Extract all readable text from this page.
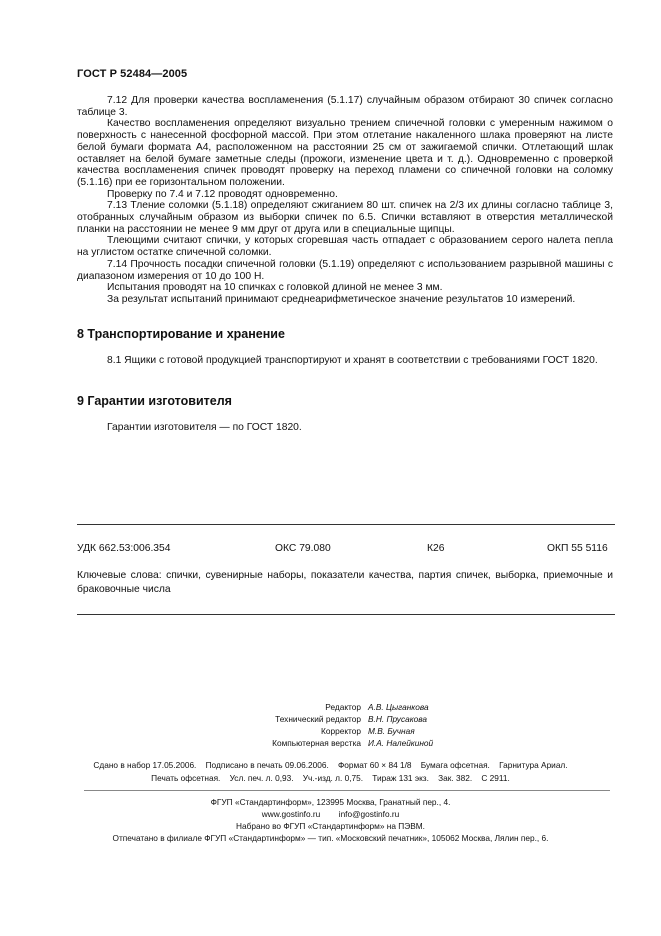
ГОСТ Р 52484—2005

7.12 Для проверки качества воспламенения (5.1.17) случайным образом отбирают 30 спичек согласно таблице 3.

Качество воспламенения определяют визуально трением спичечной головки с умеренным нажимом о поверхность с нанесенной фосфорной массой. При этом отлетание накаленного шлака проверяют на листе белой бумаги формата А4, расположенном на расстоянии 25 см от зажигаемой спички. Отлетающий шлак оставляет на белой бумаге заметные следы (прожоги, изменение цвета и т. д.). Одновременно с проверкой качества воспламенения спичек проводят проверку на переход пламени со спичечной головки на соломку (5.1.16) при ее горизонтальном положении.

Проверку по 7.4 и 7.12 проводят одновременно.

7.13 Тление соломки (5.1.18) определяют сжиганием 80 шт. спичек на 2/3 их длины согласно таблице 3, отобранных случайным образом из выборки спичек по 6.5. Спички вставляют в отверстия металлической планки на расстоянии не менее 9 мм друг от друга или в специальные щипцы.

Тлеющими считают спички, у которых сгоревшая часть отпадает с образованием серого налета пепла на углистом остатке спичечной соломки.

7.14 Прочность посадки спичечной головки (5.1.19) определяют с использованием разрывной машины с диапазоном измерения от 10 до 100 Н.

Испытания проводят на 10 спичках с головкой длиной не менее 3 мм.

За результат испытаний принимают среднеарифметическое значение результатов 10 измерений.

8 Транспортирование и хранение

8.1 Ящики с готовой продукцией транспортируют и хранят в соответствии с требованиями ГОСТ 1820.

9 Гарантии изготовителя

Гарантии изготовителя — по ГОСТ 1820.

УДК 662.53:006.354	ОКС 79.080	К26	ОКП 55 5116
Ключевые слова: спички, сувенирные наборы, показатели качества, партия спичек, выборка, приемочные и браковочные числа
Редактор А.В. Цыганкова
Технический редактор В.Н. Прусакова
Корректор М.В. Бучная
Компьютерная верстка И.А. Налейкиной
Сдано в набор 17.05.2006.    Подписано в печать 09.06.2006.    Формат 60 × 84 1/8    Бумага офсетная.    Гарнитура Ариал.
Печать офсетная.    Усл. печ. л. 0,93.    Уч.-изд. л. 0,75.    Тираж 131 экз.    Зак. 382.    С 2911.
ФГУП «Стандартинформ», 123995 Москва, Гранатный пер., 4.
www.gostinfo.ru        info@gostinfo.ru
Набрано во ФГУП «Стандартинформ» на ПЭВМ.
Отпечатано в филиале ФГУП «Стандартинформ» — тип. «Московский печатник», 105062 Москва, Лялин пер., 6.
